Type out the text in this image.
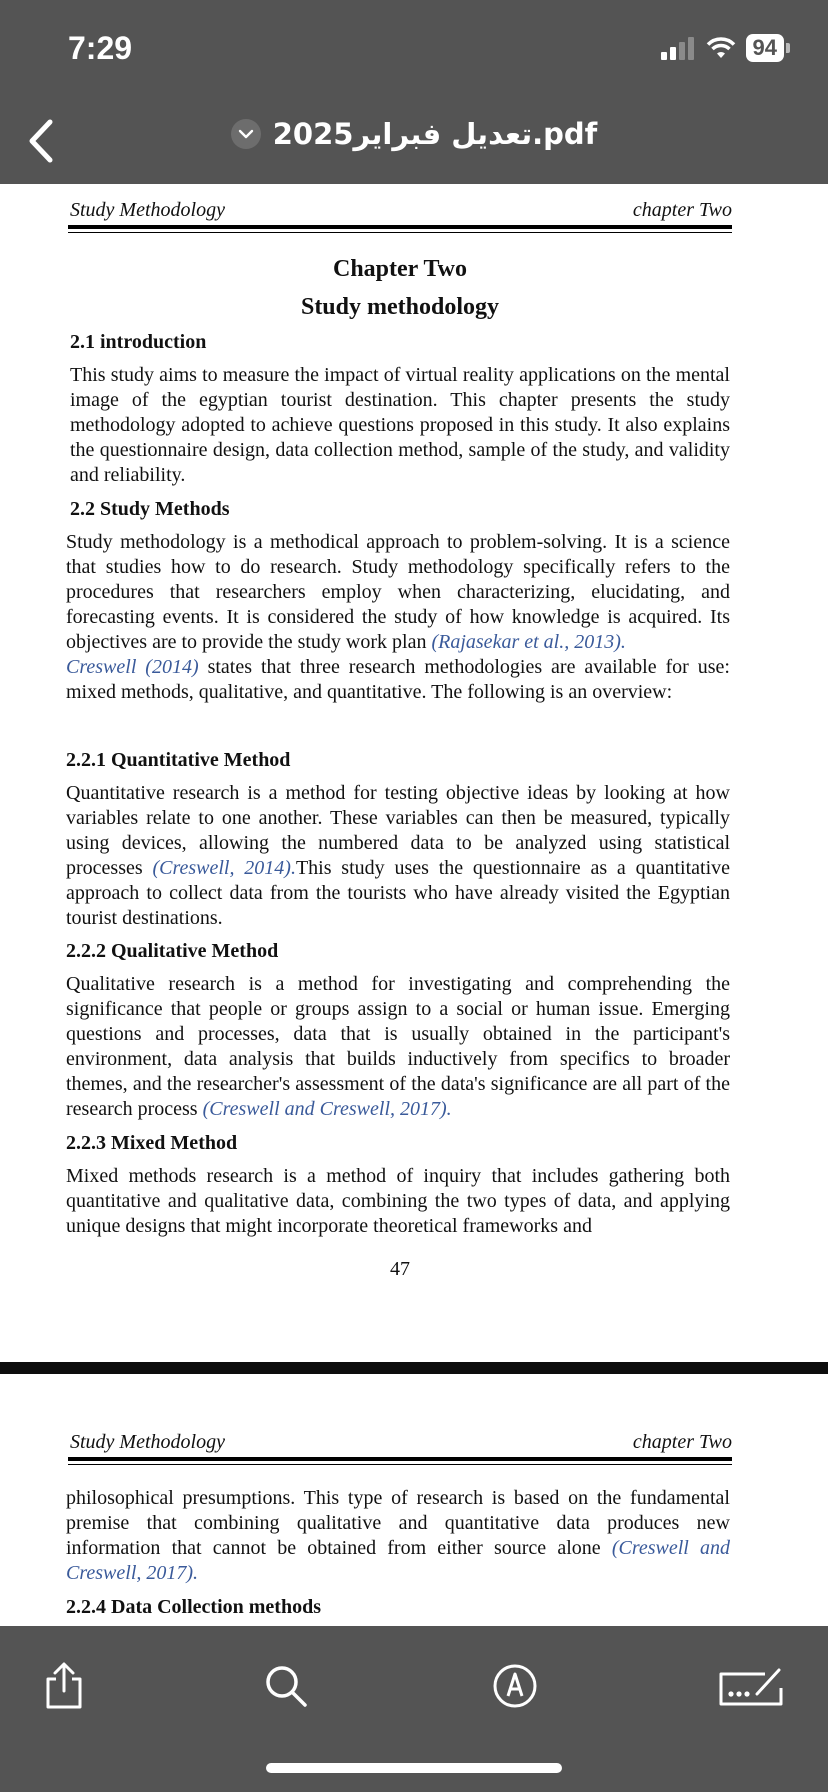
7:29	94
تعديل فبراير2025.pdf
Study Methodology	chapter Two
Chapter Two
Study methodology
2.1 introduction

This study aims to measure the impact of virtual reality applications on the mental image of the egyptian tourist destination. This chapter presents the study methodology adopted to achieve questions proposed in this study. It also explains the questionnaire design, data collection method, sample of the study, and validity and reliability.

2.2 Study Methods

Study methodology is a methodical approach to problem-solving. It is a science that studies how to do research. Study methodology specifically refers to the procedures that researchers employ when characterizing, elucidating, and forecasting events. It is considered the study of how knowledge is acquired. Its objectives are to provide the study work plan (Rajasekar et al., 2013).

Creswell (2014) states that three research methodologies are available for use: mixed methods, qualitative, and quantitative. The following is an overview:

2.2.1 Quantitative Method

Quantitative research is a method for testing objective ideas by looking at how variables relate to one another. These variables can then be measured, typically using devices, allowing the numbered data to be analyzed using statistical processes (Creswell, 2014).This study uses the questionnaire as a quantitative approach to collect data from the tourists who have already visited the Egyptian tourist destinations.

2.2.2 Qualitative Method

Qualitative research is a method for investigating and comprehending the significance that people or groups assign to a social or human issue. Emerging questions and processes, data that is usually obtained in the participant's environment, data analysis that builds inductively from specifics to broader themes, and the researcher's assessment of the data's significance are all part of the research process (Creswell and Creswell, 2017).

2.2.3 Mixed Method

Mixed methods research is a method of inquiry that includes gathering both quantitative and qualitative data, combining the two types of data, and applying unique designs that might incorporate theoretical frameworks and

47
Study Methodology	chapter Two

philosophical presumptions. This type of research is based on the fundamental premise that combining qualitative and quantitative data produces new information that cannot be obtained from either source alone (Creswell and Creswell, 2017).

2.2.4 Data Collection methods
